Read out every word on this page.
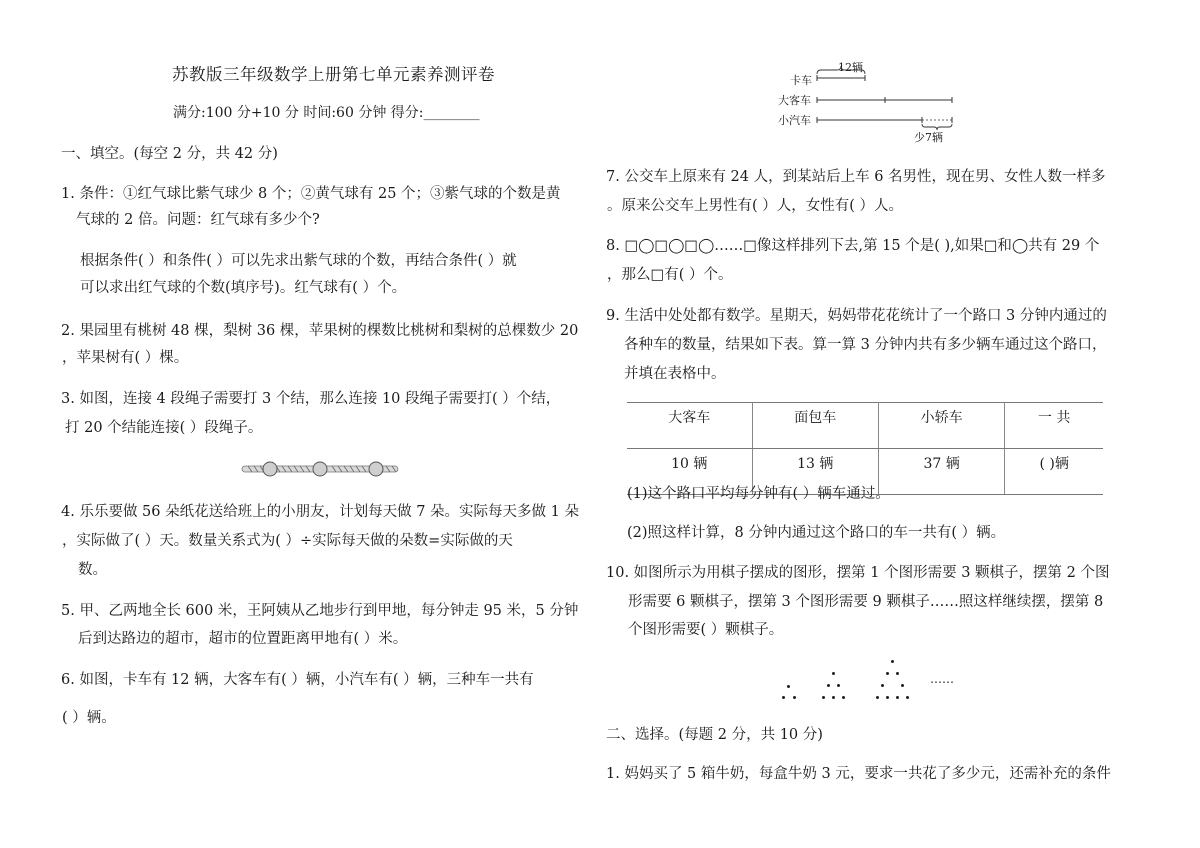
苏教版三年级数学上册第七单元素养测评卷
满分:100 分+10 分 时间:60 分钟 得分:________
一、填空。(每空 2 分，共 42 分)
1. 条件：①红气球比紫气球少 8 个；②黄气球有 25 个；③紫气球的个数是黄
气球的 2 倍。问题：红气球有多少个?
根据条件( ）和条件( ）可以先求出紫气球的个数，再结合条件( ）就
可以求出红气球的个数(填序号)。红气球有( ）个。
2. 果园里有桃树 48 棵，梨树 36 棵，苹果树的棵数比桃树和梨树的总棵数少 20
，苹果树有( ）棵。
3. 如图，连接 4 段绳子需要打 3 个结，那么连接 10 段绳子需要打( ）个结，
打 20 个结能连接( ）段绳子。
4. 乐乐要做 56 朵纸花送给班上的小朋友，计划每天做 7 朵。实际每天多做 1 朵
，实际做了( ）天。数量关系式为( ）÷实际每天做的朵数=实际做的天
数。
5. 甲、乙两地全长 600 米，王阿姨从乙地步行到甲地，每分钟走 95 米，5 分钟
后到达路边的超市，超市的位置距离甲地有( ）米。
6. 如图，卡车有 12 辆，大客车有( ）辆，小汽车有( ）辆，三种车一共有
( ）辆。
12辆
卡车
大客车
小汽车
少7辆
7. 公交车上原来有 24 人，到某站后上车 6 名男性，现在男、女性人数一样多
。原来公交车上男性有( ）人，女性有( ）人。
8. □◯□◯□◯……□像这样排列下去,第 15 个是( ),如果□和◯共有 29 个
，那么□有( ）个。
9. 生活中处处都有数学。星期天，妈妈带花花统计了一个路口 3 分钟内通过的
各种车的数量，结果如下表。算一算 3 分钟内共有多少辆车通过这个路口，
并填在表格中。
大客车	面包车	小轿车	一 共
10 辆	13 辆	37 辆	( )辆
(1)这个路口平均每分钟有( ）辆车通过。
(2)照这样计算，8 分钟内通过这个路口的车一共有( ）辆。
10. 如图所示为用棋子摆成的图形，摆第 1 个图形需要 3 颗棋子，摆第 2 个图
形需要 6 颗棋子，摆第 3 个图形需要 9 颗棋子……照这样继续摆，摆第 8
个图形需要( ）颗棋子。
……
二、选择。(每题 2 分，共 10 分)
1. 妈妈买了 5 箱牛奶，每盒牛奶 3 元，要求一共花了多少元，还需补充的条件
